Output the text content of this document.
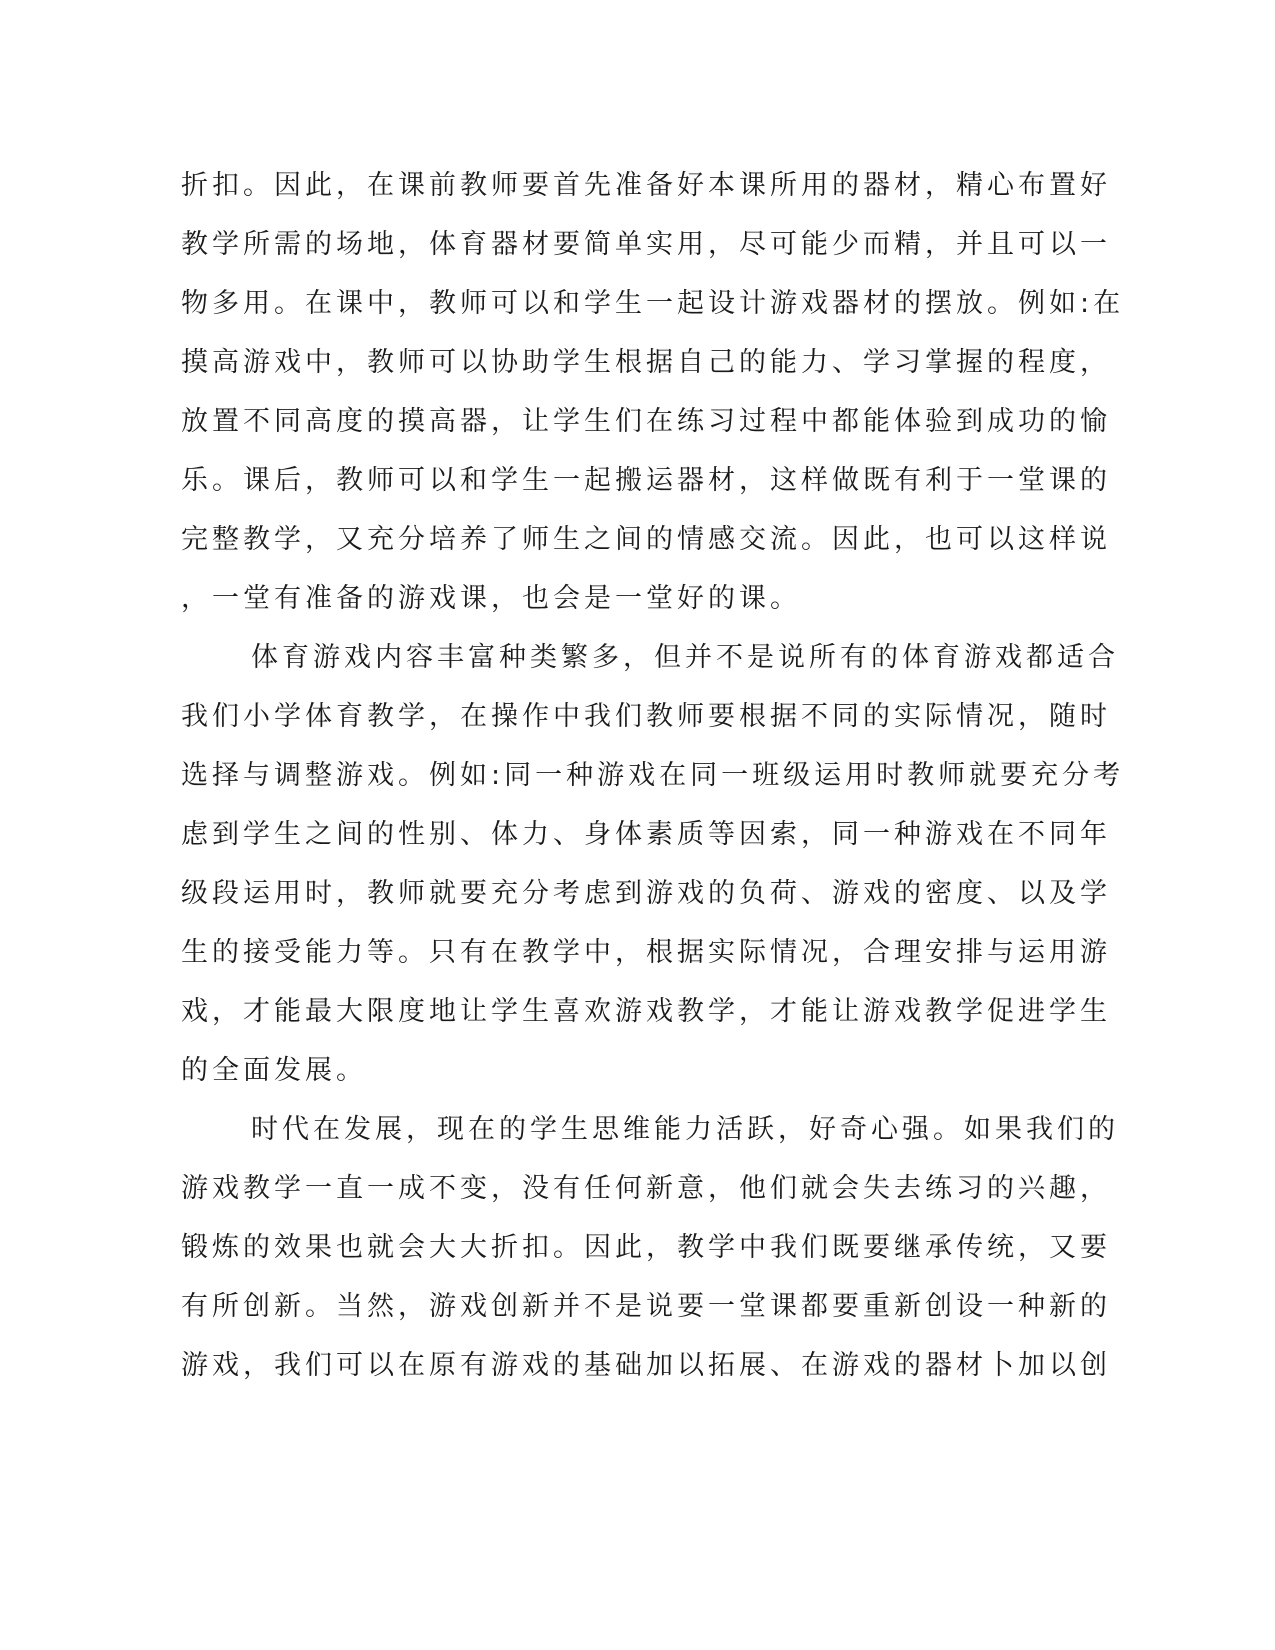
折扣。因此，在课前教师要首先准备好本课所用的器材，精心布置好
教学所需的场地，体育器材要简单实用，尽可能少而精，并且可以一
物多用。在课中，教师可以和学生一起设计游戏器材的摆放。例如:在
摸高游戏中，教师可以协助学生根据自己的能力、学习掌握的程度，
放置不同高度的摸高器，让学生们在练习过程中都能体验到成功的愉
乐。课后，教师可以和学生一起搬运器材，这样做既有利于一堂课的
完整教学，又充分培养了师生之间的情感交流。因此，也可以这样说
，一堂有准备的游戏课，也会是一堂好的课。
体育游戏内容丰富种类繁多，但并不是说所有的体育游戏都适合
我们小学体育教学，在操作中我们教师要根据不同的实际情况，随时
选择与调整游戏。例如:同一种游戏在同一班级运用时教师就要充分考
虑到学生之间的性别、体力、身体素质等因索，同一种游戏在不同年
级段运用时，教师就要充分考虑到游戏的负荷、游戏的密度、以及学
生的接受能力等。只有在教学中，根据实际情况，合理安排与运用游
戏，才能最大限度地让学生喜欢游戏教学，才能让游戏教学促进学生
的全面发展。
时代在发展，现在的学生思维能力活跃，好奇心强。如果我们的
游戏教学一直一成不变，没有任何新意，他们就会失去练习的兴趣，
锻炼的效果也就会大大折扣。因此，教学中我们既要继承传统，又要
有所创新。当然，游戏创新并不是说要一堂课都要重新创设一种新的
游戏，我们可以在原有游戏的基础加以拓展、在游戏的器材卜加以创
